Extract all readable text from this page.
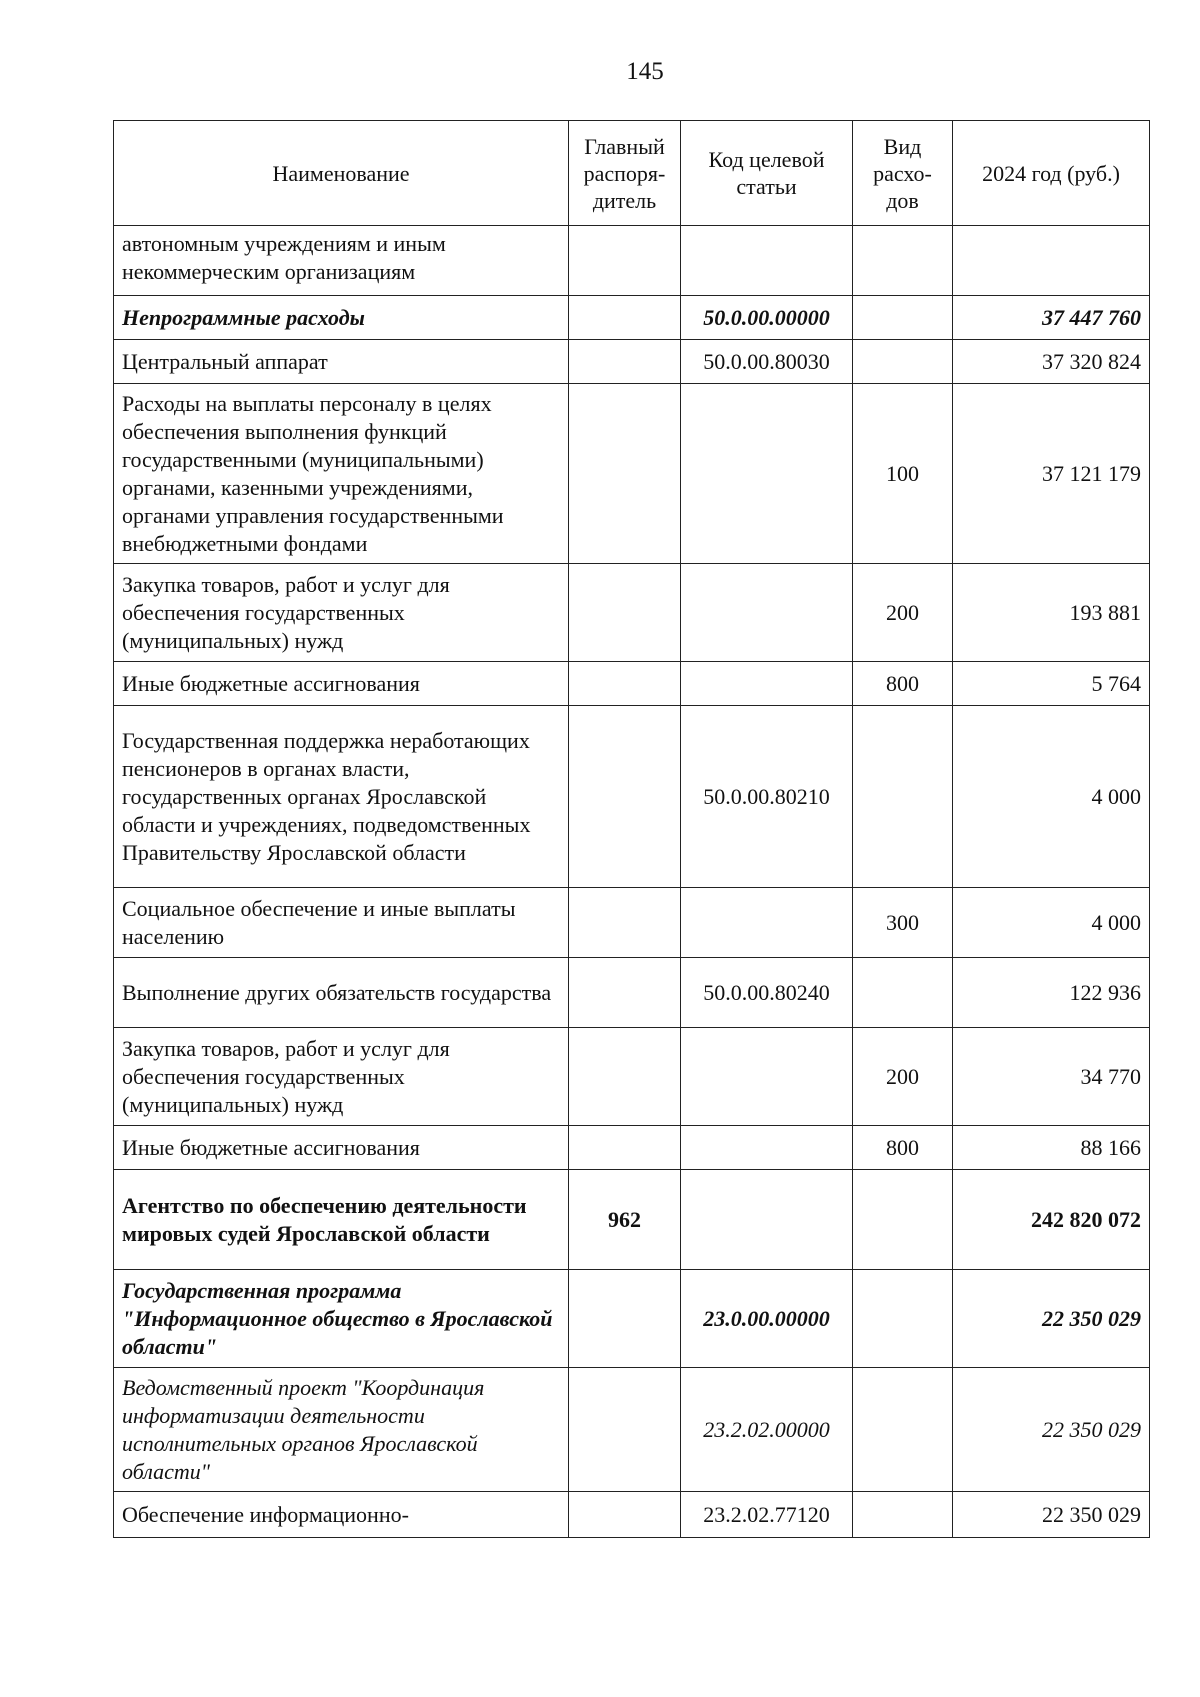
145
Наименование	Главный распоря-дитель	Код целевой статьи	Вид расхо-дов	2024 год (руб.)
автономным учреждениям и иным некоммерческим организациям				
Непрограммные расходы		50.0.00.00000		37 447 760
Центральный аппарат		50.0.00.80030		37 320 824
Расходы на выплаты персоналу в целях обеспечения выполнения функций государственными (муниципальными) органами, казенными учреждениями, органами управления государственными внебюджетными фондами			100	37 121 179
Закупка товаров, работ и услуг для обеспечения государственных (муниципальных) нужд			200	193 881
Иные бюджетные ассигнования			800	5 764
Государственная поддержка неработающих пенсионеров в органах власти, государственных органах Ярославской области и учреждениях, подведомственных Правительству Ярославской области		50.0.00.80210		4 000
Социальное обеспечение и иные выплаты населению			300	4 000
Выполнение других обязательств государства		50.0.00.80240		122 936
Закупка товаров, работ и услуг для обеспечения государственных (муниципальных) нужд			200	34 770
Иные бюджетные ассигнования			800	88 166
Агентство по обеспечению деятельности мировых судей Ярославской области	962			242 820 072
Государственная программа "Информационное общество в Ярославской области"		23.0.00.00000		22 350 029
Ведомственный проект "Координация информатизации деятельности исполнительных органов Ярославской области"		23.2.02.00000		22 350 029
Обеспечение информационно-		23.2.02.77120		22 350 029
